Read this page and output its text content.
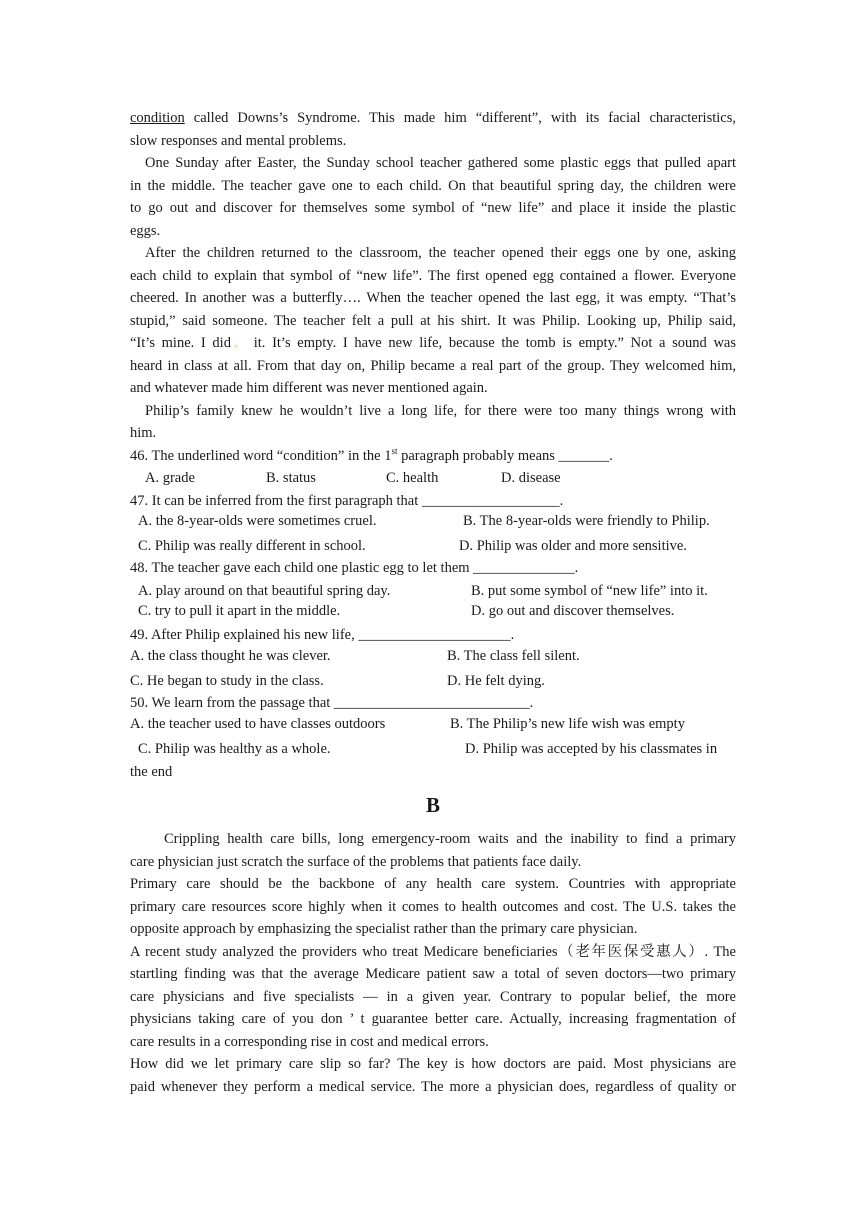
condition called Downs’s Syndrome. This made him “different”, with its facial characteristics,
slow responses and mental problems.
One Sunday after Easter, the Sunday school teacher gathered some plastic eggs that pulled apart
in the middle. The teacher gave one to each child. On that beautiful spring day, the children were
to go out and discover for themselves some symbol of “new life” and place it inside the plastic
eggs.
After the children returned to the classroom, the teacher opened their eggs one by one, asking
each child to explain that symbol of “new life”. The first opened egg contained a flower. Everyone
cheered. In another was a butterfly…. When the teacher opened the last egg, it was empty. “That’s
stupid,” said someone. The teacher felt a pull at his shirt. It was Philip. Looking up, Philip said,
“It’s mine. I did。 it. It’s empty. I have new life, because the tomb is empty.” Not a sound was
heard in class at all. From that day on, Philip became a real part of the group. They welcomed him,
and whatever made him different was never mentioned again.
Philip’s family knew he wouldn’t live a long life, for there were too many things wrong with
him.
46. The underlined word “condition” in the 1st paragraph probably means _______.
A. grade	B. status	C. health	D. disease
47. It can be inferred from the first paragraph that ___________________.
A. the 8-year-olds were sometimes cruel.	B. The 8-year-olds were friendly to Philip.
C. Philip was really different in school.	D. Philip was older and more sensitive.
48. The teacher gave each child one plastic egg to let them ______________.
A. play around on that beautiful spring day.	B. put some symbol of “new life” into it.
C. try to pull it apart in the middle.	D. go out and discover themselves.
49. After Philip explained his new life, _____________________.
A. the class thought he was clever.	B. The class fell silent.
C. He began to study in the class.	D. He felt dying.
50. We learn from the passage that ___________________________.
A. the teacher used to have classes outdoors	B. The Philip’s new life wish was empty
C. Philip was healthy as a whole.	D. Philip was accepted by his classmates in
the end
B
Crippling health care bills, long emergency-room waits and the inability to find a primary
care physician just scratch the surface of the problems that patients face daily.
Primary care should be the backbone of any health care system. Countries with appropriate
primary care resources score highly when it comes to health outcomes and cost. The U.S. takes the
opposite approach by emphasizing the specialist rather than the primary care physician.
A recent study analyzed the providers who treat Medicare beneficiaries（老年医保受惠人）. The
startling finding was that the average Medicare patient saw a total of seven doctors—two primary
care physicians and five specialists — in a given year. Contrary to popular belief, the more
physicians taking care of you don ’ t guarantee better care. Actually, increasing fragmentation of
care results in a corresponding rise in cost and medical errors.
How did we let primary care slip so far? The key is how doctors are paid. Most physicians are
paid whenever they perform a medical service. The more a physician does, regardless of quality or
